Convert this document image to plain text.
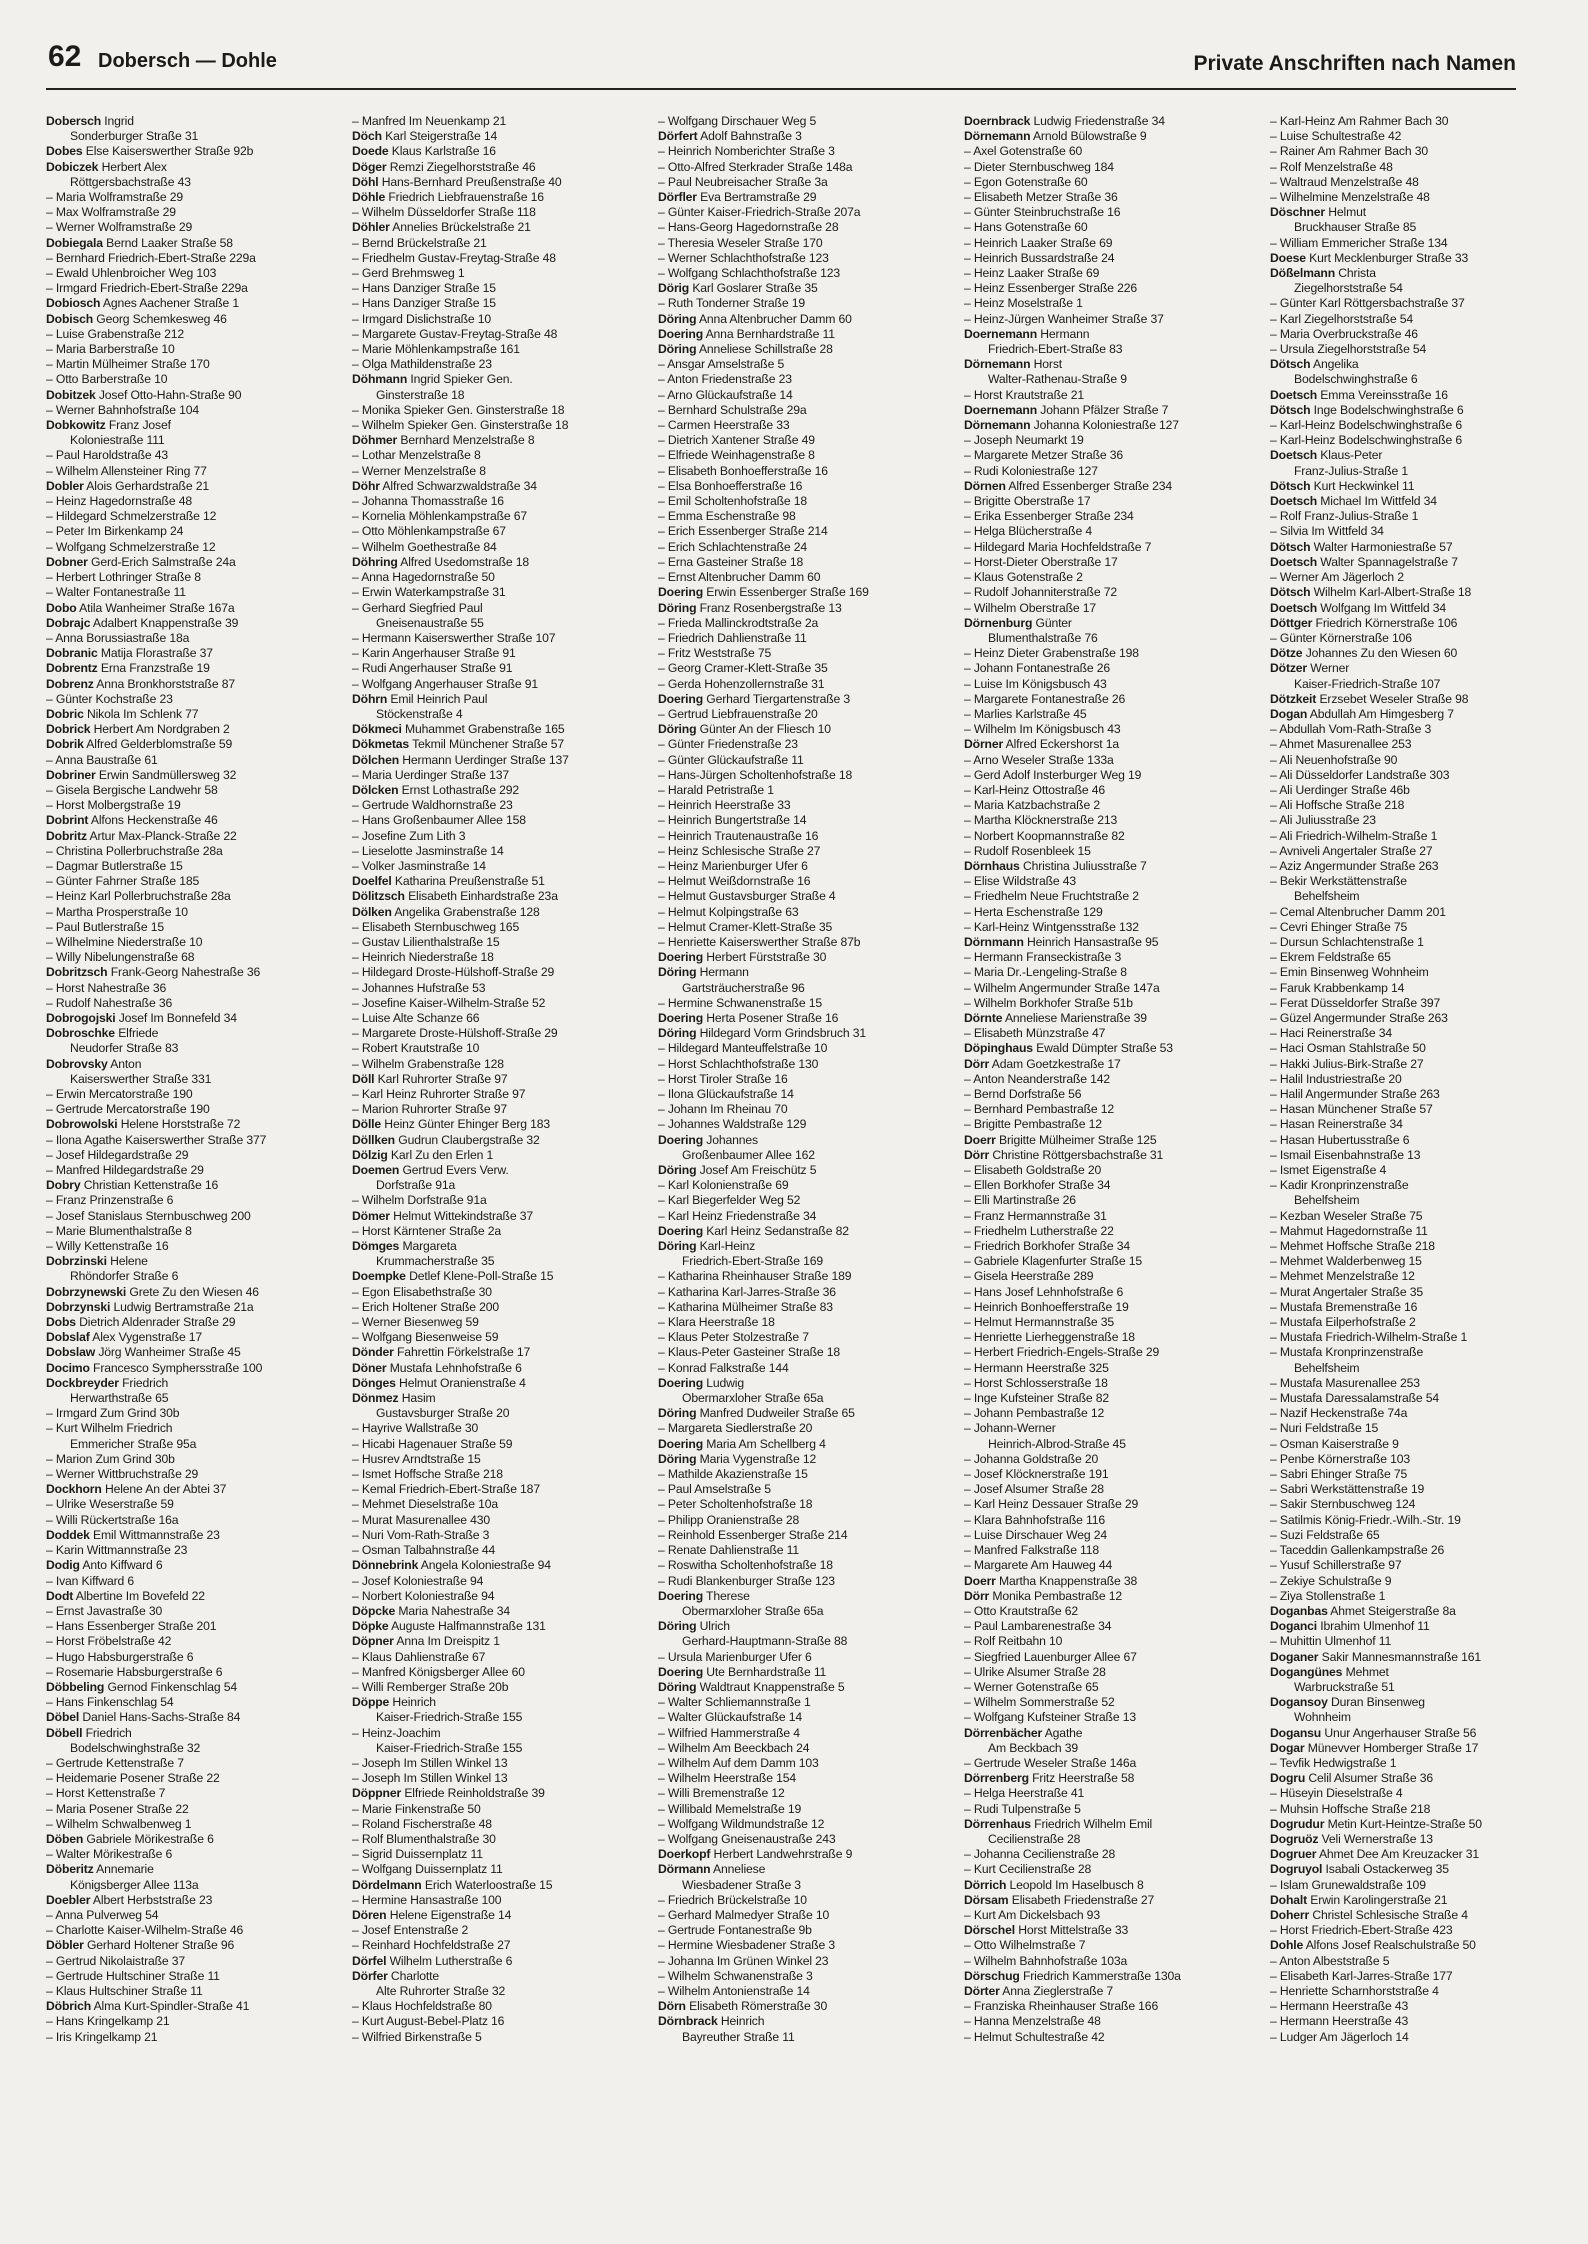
62 Dobersch — Dohle	Private Anschriften nach Namen
Dobersch Ingrid
Sonderburger Straße 31
Dobes Else Kaiserswerther Straße 92b
Dobiczek Herbert Alex
Röttgersbachstraße 43
– Maria Wolframstraße 29
– Max Wolframstraße 29
– Werner Wolframstraße 29
Dobiegala Bernd Laaker Straße 58
– Bernhard Friedrich-Ebert-Straße 229a
– Ewald Uhlenbroicher Weg 103
– Irmgard Friedrich-Ebert-Straße 229a
Dobiosch Agnes Aachener Straße 1
Dobisch Georg Schemkesweg 46
– Luise Grabenstraße 212
– Maria Barberstraße 10
– Martin Mülheimer Straße 170
– Otto Barberstraße 10
Dobitzek Josef Otto-Hahn-Straße 90
– Werner Bahnhofstraße 104
Dobkowitz Franz Josef
Koloniestraße 111
– Paul Haroldstraße 43
– Wilhelm Allensteiner Ring 77
Dobler Alois Gerhardstraße 21
– Heinz Hagedornstraße 48
– Hildegard Schmelzerstraße 12
– Peter Im Birkenkamp 24
– Wolfgang Schmelzerstraße 12
Dobner Gerd-Erich Salmstraße 24a
– Herbert Lothringer Straße 8
– Walter Fontanestraße 11
Dobo Atila Wanheimer Straße 167a
Dobrajc Adalbert Knappenstraße 39
– Anna Borussiastraße 18a
Dobranic Matija Florastraße 37
Dobrentz Erna Franzstraße 19
Dobrenz Anna Bronkhorststraße 87
– Günter Kochstraße 23
Dobric Nikola Im Schlenk 77
Dobrick Herbert Am Nordgraben 2
Dobrik Alfred Gelderblomstraße 59
– Anna Baustraße 61
Dobriner Erwin Sandmüllersweg 32
– Gisela Bergische Landwehr 58
– Horst Molbergstraße 19
Dobrint Alfons Heckenstraße 46
Dobritz Artur Max-Planck-Straße 22
– Christina Pollerbruchstraße 28a
– Dagmar Butlerstraße 15
– Günter Fahrner Straße 185
– Heinz Karl Pollerbruchstraße 28a
– Martha Prosperstraße 10
– Paul Butlerstraße 15
– Wilhelmine Niederstraße 10
– Willy Nibelungenstraße 68
Dobritzsch Frank-Georg Nahestraße 36
– Horst Nahestraße 36
– Rudolf Nahestraße 36
Dobrogojski Josef Im Bonnefeld 34
Dobroschke Elfriede
Neudorfer Straße 83
Dobrovsky Anton
Kaiserswerther Straße 331
– Erwin Mercatorstraße 190
– Gertrude Mercatorstraße 190
Dobrowolski Helene Horststraße 72
– Ilona Agathe Kaiserswerther Straße 377
– Josef Hildegardstraße 29
– Manfred Hildegardstraße 29
Dobry Christian Kettenstraße 16
– Franz Prinzenstraße 6
– Josef Stanislaus Sternbuschweg 200
– Marie Blumenthalstraße 8
– Willy Kettenstraße 16
Dobrzinski Helene
Rhöndorfer Straße 6
Dobrzynewski Grete Zu den Wiesen 46
Dobrzynski Ludwig Bertramstraße 21a
Dobs Dietrich Aldenrader Straße 29
Dobslaf Alex Vygenstraße 17
Dobslaw Jörg Wanheimer Straße 45
Docimo Francesco Symphersstraße 100
Dockbreyder Friedrich
Herwarthstraße 65
– Irmgard Zum Grind 30b
– Kurt Wilhelm Friedrich
Emmericher Straße 95a
– Marion Zum Grind 30b
– Werner Wittbruchstraße 29
Dockhorn Helene An der Abtei 37
– Ulrike Weserstraße 59
– Willi Rückertstraße 16a
Doddek Emil Wittmannstraße 23
– Karin Wittmannstraße 23
Dodig Anto Kiffward 6
– Ivan Kiffward 6
Dodt Albertine Im Bovefeld 22
– Ernst Javastraße 30
– Hans Essenberger Straße 201
– Horst Fröbelstraße 42
– Hugo Habsburgerstraße 6
– Rosemarie Habsburgerstraße 6
Döbbeling Gernod Finkenschlag 54
– Hans Finkenschlag 54
Döbel Daniel Hans-Sachs-Straße 84
Döbell Friedrich
Bodelschwinghstraße 32
– Gertrude Kettenstraße 7
– Heidemarie Posener Straße 22
– Horst Kettenstraße 7
– Maria Posener Straße 22
– Wilhelm Schwalbenweg 1
Döben Gabriele Mörikestraße 6
– Walter Mörikestraße 6
Döberitz Annemarie
Königsberger Allee 113a
Doebler Albert Herbststraße 23
– Anna Pulverweg 54
– Charlotte Kaiser-Wilhelm-Straße 46
Döbler Gerhard Holtener Straße 96
– Gertrud Nikolaistraße 37
– Gertrude Hultschiner Straße 11
– Klaus Hultschiner Straße 11
Döbrich Alma Kurt-Spindler-Straße 41
– Hans Kringelkamp 21
– Iris Kringelkamp 21
– Manfred Im Neuenkamp 21
Döch Karl Steigerstraße 14
Doede Klaus Karlstraße 16
Döger Remzi Ziegelhorststraße 46
Döhl Hans-Bernhard Preußenstraße 40
Döhle Friedrich Liebfrauenstraße 16
– Wilhelm Düsseldorfer Straße 118
Döhler Annelies Brückelstraße 21
– Bernd Brückelstraße 21
– Friedhelm Gustav-Freytag-Straße 48
– Gerd Brehmsweg 1
– Hans Danziger Straße 15
– Hans Danziger Straße 15
– Irmgard Dislichstraße 10
– Margarete Gustav-Freytag-Straße 48
– Marie Möhlenkampstraße 161
– Olga Mathildenstraße 23
Döhmann Ingrid Spieker Gen.
Ginsterstraße 18
– Monika Spieker Gen. Ginsterstraße 18
– Wilhelm Spieker Gen. Ginsterstraße 18
Döhmer Bernhard Menzelstraße 8
– Lothar Menzelstraße 8
– Werner Menzelstraße 8
Döhr Alfred Schwarzwaldstraße 34
– Johanna Thomasstraße 16
– Kornelia Möhlenkampstraße 67
– Otto Möhlenkampstraße 67
– Wilhelm Goethestraße 84
Döhring Alfred Usedomstraße 18
– Anna Hagedornstraße 50
– Erwin Waterkampstraße 31
– Gerhard Siegfried Paul
Gneisenaustraße 55
– Hermann Kaiserswerther Straße 107
– Karin Angerhauser Straße 91
– Rudi Angerhauser Straße 91
– Wolfgang Angerhauser Straße 91
Döhrn Emil Heinrich Paul
Stöckenstraße 4
Dökmeci Muhammet Grabenstraße 165
Dökmetas Tekmil Münchener Straße 57
Dölchen Hermann Uerdinger Straße 137
– Maria Uerdinger Straße 137
Dölcken Ernst Lothastraße 292
– Gertrude Waldhornstraße 23
– Hans Großenbaumer Allee 158
– Josefine Zum Lith 3
– Lieselotte Jasminstraße 14
– Volker Jasminstraße 14
Doelfel Katharina Preußenstraße 51
Dölitzsch Elisabeth Einhardstraße 23a
Dölken Angelika Grabenstraße 128
– Elisabeth Sternbuschweg 165
– Gustav Lilienthalstraße 15
– Heinrich Niederstraße 18
– Hildegard Droste-Hülshoff-Straße 29
– Johannes Hufstraße 53
– Josefine Kaiser-Wilhelm-Straße 52
– Luise Alte Schanze 66
– Margarete Droste-Hülshoff-Straße 29
– Robert Krautstraße 10
– Wilhelm Grabenstraße 128
Döll Karl Ruhrorter Straße 97
– Karl Heinz Ruhrorter Straße 97
– Marion Ruhrorter Straße 97
Dölle Heinz Günter Ehinger Berg 183
Döllken Gudrun Claubergstraße 32
Dölzig Karl Zu den Erlen 1
Doemen Gertrud Evers Verw.
Dorfstraße 91a
– Wilhelm Dorfstraße 91a
Dömer Helmut Wittekindstraße 37
– Horst Kärntener Straße 2a
Dömges Margareta
Krummacherstraße 35
Doempke Detlef Klene-Poll-Straße 15
– Egon Elisabethstraße 30
– Erich Holtener Straße 200
– Werner Biesenweg 59
– Wolfgang Biesenweise 59
Dönder Fahrettin Förkelstraße 17
Döner Mustafa Lehnhofstraße 6
Dönges Helmut Oranienstraße 4
Dönmez Hasim
Gustavsburger Straße 20
– Hayrive Wallstraße 30
– Hicabi Hagenauer Straße 59
– Husrev Arndtstraße 15
– Ismet Hoffsche Straße 218
– Kemal Friedrich-Ebert-Straße 187
– Mehmet Dieselstraße 10a
– Murat Masurenallee 430
– Nuri Vom-Rath-Straße 3
– Osman Talbahnstraße 44
Dönnebrink Angela Koloniestraße 94
– Josef Koloniestraße 94
– Norbert Koloniestraße 94
Döpcke Maria Nahestraße 34
Döpke Auguste Halfmannstraße 131
Döpner Anna Im Dreispitz 1
– Klaus Dahlienstraße 67
– Manfred Königsberger Allee 60
– Willi Remberger Straße 20b
Döppe Heinrich
Kaiser-Friedrich-Straße 155
– Heinz-Joachim
Kaiser-Friedrich-Straße 155
– Joseph Im Stillen Winkel 13
– Joseph Im Stillen Winkel 13
Döppner Elfriede Reinholdstraße 39
– Marie Finkenstraße 50
– Roland Fischerstraße 48
– Rolf Blumenthalstraße 30
– Sigrid Duissernplatz 11
– Wolfgang Duissernplatz 11
Dördelmann Erich Waterloostraße 15
– Hermine Hansastraße 100
Dören Helene Eigenstraße 14
– Josef Entenstraße 2
– Reinhard Hochfeldstraße 27
Dörfel Wilhelm Lutherstraße 6
Dörfer Charlotte
Alte Ruhrorter Straße 32
– Klaus Hochfeldstraße 80
– Kurt August-Bebel-Platz 16
– Wilfried Birkenstraße 5
– Wolfgang Dirschauer Weg 5
Dörfert Adolf Bahnstraße 3
– Heinrich Nomberichter Straße 3
– Otto-Alfred Sterkrader Straße 148a
– Paul Neubreisacher Straße 3a
Dörfler Eva Bertramstraße 29
– Günter Kaiser-Friedrich-Straße 207a
– Hans-Georg Hagedornstraße 28
– Theresia Weseler Straße 170
– Werner Schlachthofstraße 123
– Wolfgang Schlachthofstraße 123
Dörig Karl Goslarer Straße 35
– Ruth Tonderner Straße 19
Döring Anna Altenbrucher Damm 60
Doering Anna Bernhardstraße 11
Döring Anneliese Schillstraße 28
– Ansgar Amselstraße 5
– Anton Friedenstraße 23
– Arno Glückaufstraße 14
– Bernhard Schulstraße 29a
– Carmen Heerstraße 33
– Dietrich Xantener Straße 49
– Elfriede Weinhagenstraße 8
– Elisabeth Bonhoefferstraße 16
– Elsa Bonhoefferstraße 16
– Emil Scholtenhofstraße 18
– Emma Eschenstraße 98
– Erich Essenberger Straße 214
– Erich Schlachtenstraße 24
– Erna Gasteiner Straße 18
– Ernst Altenbrucher Damm 60
Doering Erwin Essenberger Straße 169
Döring Franz Rosenbergstraße 13
– Frieda Mallinckrodtstraße 2a
– Friedrich Dahlienstraße 11
– Fritz Weststraße 75
– Georg Cramer-Klett-Straße 35
– Gerda Hohenzollernstraße 31
Doering Gerhard Tiergartenstraße 3
– Gertrud Liebfrauenstraße 20
Döring Günter An der Fliesch 10
– Günter Friedenstraße 23
– Günter Glückaufstraße 11
– Hans-Jürgen Scholtenhofstraße 18
– Harald Petristraße 1
– Heinrich Heerstraße 33
– Heinrich Bungertstraße 14
– Heinrich Trautenaustraße 16
– Heinz Schlesische Straße 27
– Heinz Marienburger Ufer 6
– Helmut Weißdornstraße 16
– Helmut Gustavsburger Straße 4
– Helmut Kolpingstraße 63
– Helmut Cramer-Klett-Straße 35
– Henriette Kaiserswerther Straße 87b
Doering Herbert Fürststraße 30
Döring Hermann
Gartsträucherstraße 96
– Hermine Schwanenstraße 15
Doering Herta Posener Straße 16
Döring Hildegard Vorm Grindsbruch 31
– Hildegard Manteuffelstraße 10
– Horst Schlachthofstraße 130
– Horst Tiroler Straße 16
– Ilona Glückaufstraße 14
– Johann Im Rheinau 70
– Johannes Waldstraße 129
Doering Johannes
Großenbaumer Allee 162
Döring Josef Am Freischütz 5
– Karl Kolonienstraße 69
– Karl Biegerfelder Weg 52
– Karl Heinz Friedenstraße 34
Doering Karl Heinz Sedanstraße 82
Döring Karl-Heinz
Friedrich-Ebert-Straße 169
– Katharina Rheinhauser Straße 189
– Katharina Karl-Jarres-Straße 36
– Katharina Mülheimer Straße 83
– Klara Heerstraße 18
– Klaus Peter Stolzestraße 7
– Klaus-Peter Gasteiner Straße 18
– Konrad Falkstraße 144
Doering Ludwig
Obermarxloher Straße 65a
Döring Manfred Dudweiler Straße 65
– Margareta Siedlerstraße 20
Doering Maria Am Schellberg 4
Döring Maria Vygenstraße 12
– Mathilde Akazienstraße 15
– Paul Amselstraße 5
– Peter Scholtenhofstraße 18
– Philipp Oranienstraße 28
– Reinhold Essenberger Straße 214
– Renate Dahlienstraße 11
– Roswitha Scholtenhofstraße 18
– Rudi Blankenburger Straße 123
Doering Therese
Obermarxloher Straße 65a
Döring Ulrich
Gerhard-Hauptmann-Straße 88
– Ursula Marienburger Ufer 6
Doering Ute Bernhardstraße 11
Döring Waldtraut Knappenstraße 5
– Walter Schliemannstraße 1
– Walter Glückaufstraße 14
– Wilfried Hammerstraße 4
– Wilhelm Am Beeckbach 24
– Wilhelm Auf dem Damm 103
– Wilhelm Heerstraße 154
– Willi Bremenstraße 12
– Willibald Memelstraße 19
– Wolfgang Wildmundstraße 12
– Wolfgang Gneisenaustraße 243
Doerkopf Herbert Landwehrstraße 9
Dörmann Anneliese
Wiesbadener Straße 3
– Friedrich Brückelstraße 10
– Gerhard Malmedyer Straße 10
– Gertrude Fontanestraße 9b
– Hermine Wiesbadener Straße 3
– Johanna Im Grünen Winkel 23
– Wilhelm Schwanenstraße 3
– Wilhelm Antonienstraße 14
Dörn Elisabeth Römerstraße 30
Dörnbrack Heinrich
Bayreuther Straße 11
Doernbrack Ludwig Friedenstraße 34
Dörnemann Arnold Bülowstraße 9
– Axel Gotenstraße 60
– Dieter Sternbuschweg 184
– Egon Gotenstraße 60
– Elisabeth Metzer Straße 36
– Günter Steinbruchstraße 16
– Hans Gotenstraße 60
– Heinrich Laaker Straße 69
– Heinrich Bussardstraße 24
– Heinz Laaker Straße 69
– Heinz Essenberger Straße 226
– Heinz Moselstraße 1
– Heinz-Jürgen Wanheimer Straße 37
Doernemann Hermann
Friedrich-Ebert-Straße 83
Dörnemann Horst
Walter-Rathenau-Straße 9
– Horst Krautstraße 21
Doernemann Johann Pfälzer Straße 7
Dörnemann Johanna Koloniestraße 127
– Joseph Neumarkt 19
– Margarete Metzer Straße 36
– Rudi Koloniestraße 127
Dörnen Alfred Essenberger Straße 234
– Brigitte Oberstraße 17
– Erika Essenberger Straße 234
– Helga Blücherstraße 4
– Hildegard Maria Hochfeldstraße 7
– Horst-Dieter Oberstraße 17
– Klaus Gotenstraße 2
– Rudolf Johanniterstraße 72
– Wilhelm Oberstraße 17
Dörnenburg Günter
Blumenthalstraße 76
– Heinz Dieter Grabenstraße 198
– Johann Fontanestraße 26
– Luise Im Königsbusch 43
– Margarete Fontanestraße 26
– Marlies Karlstraße 45
– Wilhelm Im Königsbusch 43
Dörner Alfred Eckershorst 1a
– Arno Weseler Straße 133a
– Gerd Adolf Insterburger Weg 19
– Karl-Heinz Ottostraße 46
– Maria Katzbachstraße 2
– Martha Klöcknerstraße 213
– Norbert Koopmannstraße 82
– Rudolf Rosenbleek 15
Dörnhaus Christina Juliusstraße 7
– Elise Wildstraße 43
– Friedhelm Neue Fruchtstraße 2
– Herta Eschenstraße 129
– Karl-Heinz Wintgensstraße 132
Dörnmann Heinrich Hansastraße 95
– Hermann Franseckistraße 3
– Maria Dr.-Lengeling-Straße 8
– Wilhelm Angermunder Straße 147a
– Wilhelm Borkhofer Straße 51b
Dörnte Anneliese Marienstraße 39
– Elisabeth Münzstraße 47
Döpinghaus Ewald Dümpter Straße 53
Dörr Adam Goetzkestraße 17
– Anton Neanderstraße 142
– Bernd Dorfstraße 56
– Bernhard Pembastraße 12
– Brigitte Pembastraße 12
Doerr Brigitte Mülheimer Straße 125
Dörr Christine Röttgersbachstraße 31
– Elisabeth Goldstraße 20
– Ellen Borkhofer Straße 34
– Elli Martinstraße 26
– Franz Hermannstraße 31
– Friedhelm Lutherstraße 22
– Friedrich Borkhofer Straße 34
– Gabriele Klagenfurter Straße 15
– Gisela Heerstraße 289
– Hans Josef Lehnhofstraße 6
– Heinrich Bonhoefferstraße 19
– Helmut Hermannstraße 35
– Henriette Lierheggenstraße 18
– Herbert Friedrich-Engels-Straße 29
– Hermann Heerstraße 325
– Horst Schlosserstraße 18
– Inge Kufsteiner Straße 82
– Johann Pembastraße 12
– Johann-Werner
Heinrich-Albrod-Straße 45
– Johanna Goldstraße 20
– Josef Klöcknerstraße 191
– Josef Alsumer Straße 28
– Karl Heinz Dessauer Straße 29
– Klara Bahnhofstraße 116
– Luise Dirschauer Weg 24
– Manfred Falkstraße 118
– Margarete Am Hauweg 44
Doerr Martha Knappenstraße 38
Dörr Monika Pembastraße 12
– Otto Krautstraße 62
– Paul Lambarenestraße 34
– Rolf Reitbahn 10
– Siegfried Lauenburger Allee 67
– Ulrike Alsumer Straße 28
– Werner Gotenstraße 65
– Wilhelm Sommerstraße 52
– Wolfgang Kufsteiner Straße 13
Dörrenbächer Agathe
Am Beckbach 39
– Gertrude Weseler Straße 146a
Dörrenberg Fritz Heerstraße 58
– Helga Heerstraße 41
– Rudi Tulpenstraße 5
Dörrenhaus Friedrich Wilhelm Emil
Cecilienstraße 28
– Johanna Cecilienstraße 28
– Kurt Cecilienstraße 28
Dörrich Leopold Im Haselbusch 8
Dörsam Elisabeth Friedenstraße 27
– Kurt Am Dickelsbach 93
Dörschel Horst Mittelstraße 33
– Otto Wilhelmstraße 7
– Wilhelm Bahnhofstraße 103a
Dörschug Friedrich Kammerstraße 130a
Dörter Anna Zieglerstraße 7
– Franziska Rheinhauser Straße 166
– Hanna Menzelstraße 48
– Helmut Schultestraße 42
– Karl-Heinz Am Rahmer Bach 30
– Luise Schultestraße 42
– Rainer Am Rahmer Bach 30
– Rolf Menzelstraße 48
– Waltraud Menzelstraße 48
– Wilhelmine Menzelstraße 48
Döschner Helmut
Bruckhauser Straße 85
– William Emmericher Straße 134
Doese Kurt Mecklenburger Straße 33
Dößelmann Christa
Ziegelhorststraße 54
– Günter Karl Röttgersbachstraße 37
– Karl Ziegelhorststraße 54
– Maria Overbruckstraße 46
– Ursula Ziegelhorststraße 54
Dötsch Angelika
Bodelschwinghstraße 6
Doetsch Emma Vereinsstraße 16
Dötsch Inge Bodelschwinghstraße 6
– Karl-Heinz Bodelschwinghstraße 6
– Karl-Heinz Bodelschwinghstraße 6
Doetsch Klaus-Peter
Franz-Julius-Straße 1
Dötsch Kurt Heckwinkel 11
Doetsch Michael Im Wittfeld 34
– Rolf Franz-Julius-Straße 1
– Silvia Im Wittfeld 34
Dötsch Walter Harmoniestraße 57
Doetsch Walter Spannagelstraße 7
– Werner Am Jägerloch 2
Dötsch Wilhelm Karl-Albert-Straße 18
Doetsch Wolfgang Im Wittfeld 34
Döttger Friedrich Körnerstraße 106
– Günter Körnerstraße 106
Dötze Johannes Zu den Wiesen 60
Dötzer Werner
Kaiser-Friedrich-Straße 107
Dötzkeit Erzsebet Weseler Straße 98
Dogan Abdullah Am Himgesberg 7
– Abdullah Vom-Rath-Straße 3
– Ahmet Masurenallee 253
– Ali Neuenhofstraße 90
– Ali Düsseldorfer Landstraße 303
– Ali Uerdinger Straße 46b
– Ali Hoffsche Straße 218
– Ali Juliusstraße 23
– Ali Friedrich-Wilhelm-Straße 1
– Avniveli Angertaler Straße 27
– Aziz Angermunder Straße 263
– Bekir Werkstättenstraße
Behelfsheim
– Cemal Altenbrucher Damm 201
– Cevri Ehinger Straße 75
– Dursun Schlachtenstraße 1
– Ekrem Feldstraße 65
– Emin Binsenweg Wohnheim
– Faruk Krabbenkamp 14
– Ferat Düsseldorfer Straße 397
– Güzel Angermunder Straße 263
– Haci Reinerstraße 34
– Haci Osman Stahlstraße 50
– Hakki Julius-Birk-Straße 27
– Halil Industriestraße 20
– Halil Angermunder Straße 263
– Hasan Münchener Straße 57
– Hasan Reinerstraße 34
– Hasan Hubertusstraße 6
– Ismail Eisenbahnstraße 13
– Ismet Eigenstraße 4
– Kadir Kronprinzenstraße
Behelfsheim
– Kezban Weseler Straße 75
– Mahmut Hagedornstraße 11
– Mehmet Hoffsche Straße 218
– Mehmet Walderbenweg 15
– Mehmet Menzelstraße 12
– Murat Angertaler Straße 35
– Mustafa Bremenstraße 16
– Mustafa Eilperhofstraße 2
– Mustafa Friedrich-Wilhelm-Straße 1
– Mustafa Kronprinzenstraße
Behelfsheim
– Mustafa Masurenallee 253
– Mustafa Daressalamstraße 54
– Nazif Heckenstraße 74a
– Nuri Feldstraße 15
– Osman Kaiserstraße 9
– Penbe Körnerstraße 103
– Sabri Ehinger Straße 75
– Sabri Werkstättenstraße 19
– Sakir Sternbuschweg 124
– Satilmis König-Friedr.-Wilh.-Str. 19
– Suzi Feldstraße 65
– Taceddin Gallenkampstraße 26
– Yusuf Schillerstraße 97
– Zekiye Schulstraße 9
– Ziya Stollenstraße 1
Doganbas Ahmet Steigerstraße 8a
Doganci Ibrahim Ulmenhof 11
– Muhittin Ulmenhof 11
Doganer Sakir Mannesmannstraße 161
Dogangünes Mehmet
Warbruckstraße 51
Dogansoy Duran Binsenweg
Wohnheim
Dogansu Unur Angerhauser Straße 56
Dogar Münevver Homberger Straße 17
– Tevfik Hedwigstraße 1
Dogru Celil Alsumer Straße 36
– Hüseyin Dieselstraße 4
– Muhsin Hoffsche Straße 218
Dogrudur Metin Kurt-Heintze-Straße 50
Dogruöz Veli Wernerstraße 13
Dogruer Ahmet Dee Am Kreuzacker 31
Dogruyol Isabali Ostackerweg 35
– Islam Grunewaldstraße 109
Dohalt Erwin Karolingerstraße 21
Doherr Christel Schlesische Straße 4
– Horst Friedrich-Ebert-Straße 423
Dohle Alfons Josef Realschulstraße 50
– Anton Albeststraße 5
– Elisabeth Karl-Jarres-Straße 177
– Henriette Scharnhorststraße 4
– Hermann Heerstraße 43
– Hermann Heerstraße 43
– Ludger Am Jägerloch 14
